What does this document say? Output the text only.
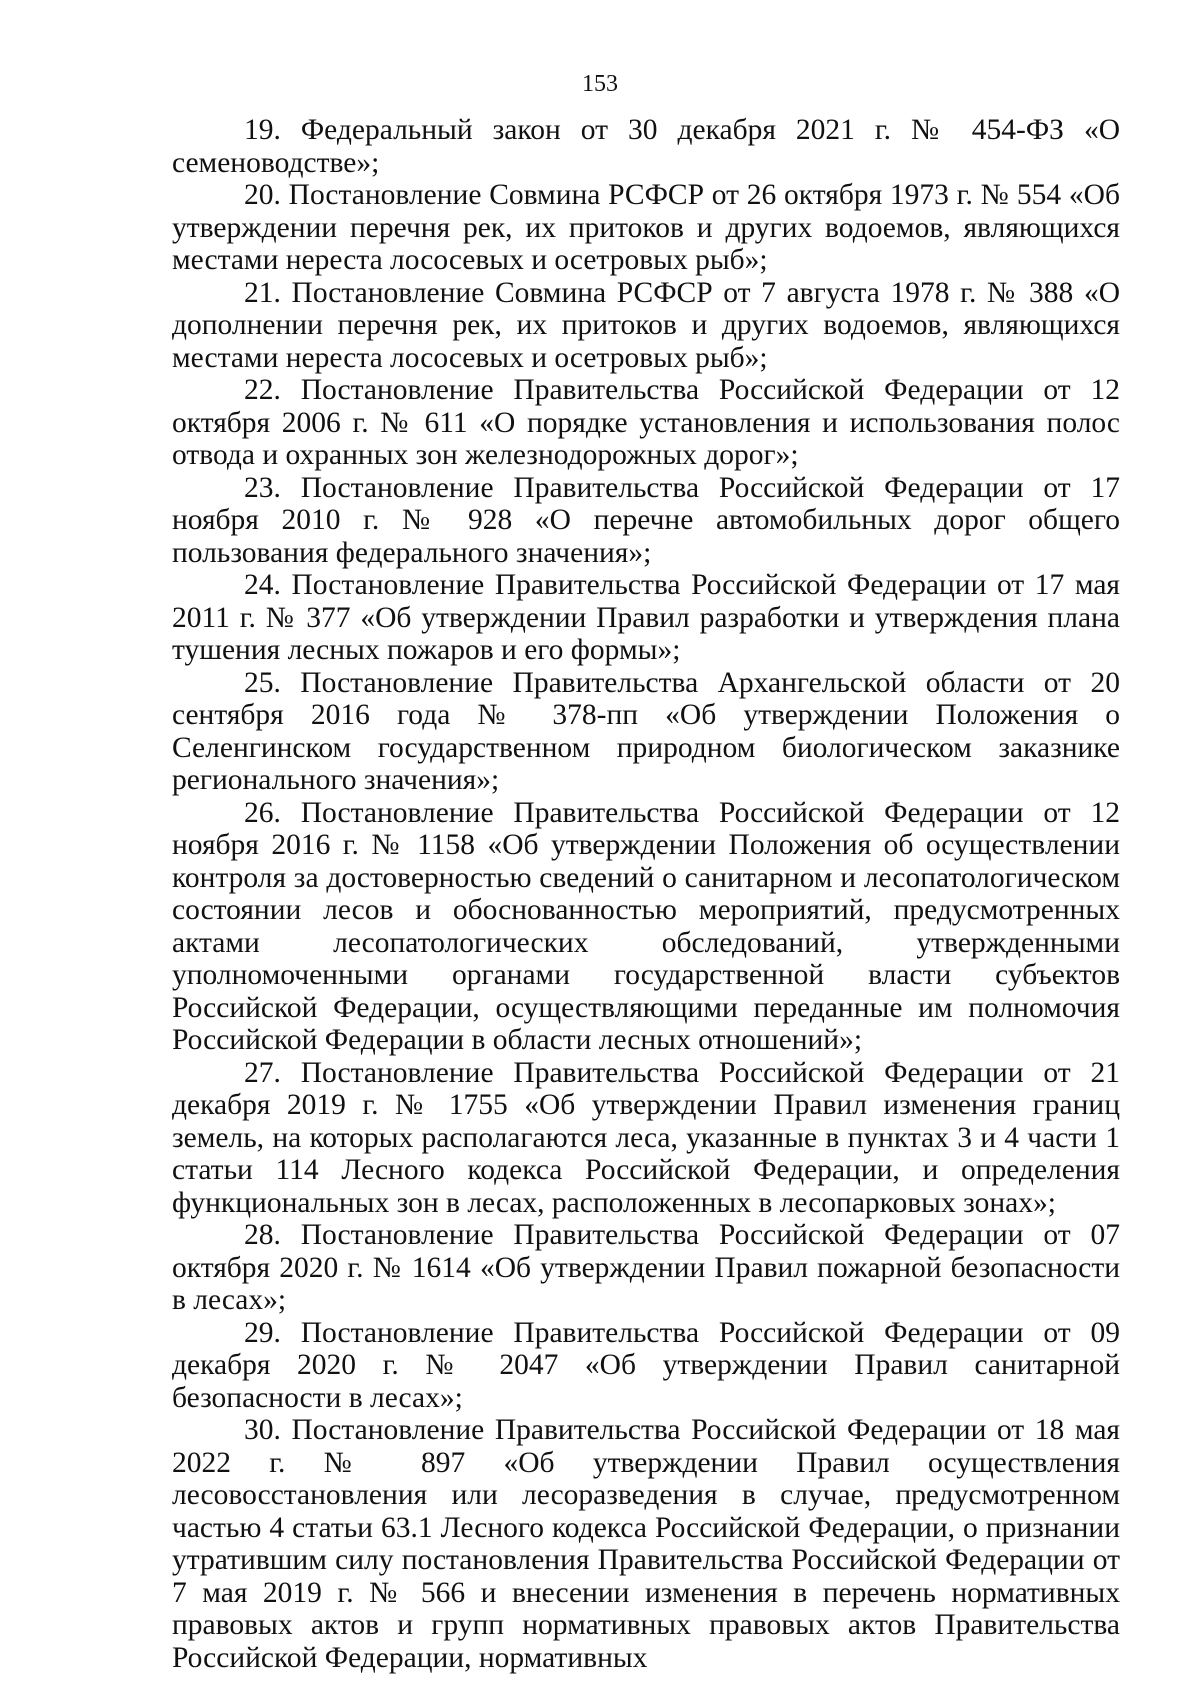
153

19. Федеральный закон от 30 декабря 2021 г. № 454-ФЗ «О семеноводстве»;

20. Постановление Совмина РСФСР от 26 октября 1973 г. № 554 «Об утверждении перечня рек, их притоков и других водоемов, являющихся местами нереста лососевых и осетровых рыб»;

21. Постановление Совмина РСФСР от 7 августа 1978 г. № 388 «О дополнении перечня рек, их притоков и других водоемов, являющихся местами нереста лососевых и осетровых рыб»;

22. Постановление Правительства Российской Федерации от 12 октября 2006 г. № 611 «О порядке установления и использования полос отвода и охранных зон железнодорожных дорог»;

23. Постановление Правительства Российской Федерации от 17 ноября 2010 г. № 928 «О перечне автомобильных дорог общего пользования федерального значения»;

24. Постановление Правительства Российской Федерации от 17 мая 2011 г. № 377 «Об утверждении Правил разработки и утверждения плана тушения лесных пожаров и его формы»;

25. Постановление Правительства Архангельской области от 20 сентября 2016 года № 378-пп «Об утверждении Положения о Селенгинском государственном природном биологическом заказнике регионального значения»;

26. Постановление Правительства Российской Федерации от 12 ноября 2016 г. № 1158 «Об утверждении Положения об осуществлении контроля за достоверностью сведений о санитарном и лесопатологическом состоянии лесов и обоснованностью мероприятий, предусмотренных актами лесопатологических обследований, утвержденными уполномоченными органами государственной власти субъектов Российской Федерации, осуществляющими переданные им полномочия Российской Федерации в области лесных отношений»;

27. Постановление Правительства Российской Федерации от 21 декабря 2019 г. № 1755 «Об утверждении Правил изменения границ земель, на которых располагаются леса, указанные в пунктах 3 и 4 части 1 статьи 114 Лесного кодекса Российской Федерации, и определения функциональных зон в лесах, расположенных в лесопарковых зонах»;

28. Постановление Правительства Российской Федерации от 07 октября 2020 г. № 1614 «Об утверждении Правил пожарной безопасности в лесах»;

29. Постановление Правительства Российской Федерации от 09 декабря 2020 г. № 2047 «Об утверждении Правил санитарной безопасности в лесах»;

30. Постановление Правительства Российской Федерации от 18 мая 2022 г. № 897 «Об утверждении Правил осуществления лесовосстановления или лесоразведения в случае, предусмотренном частью 4 статьи 63.1 Лесного кодекса Российской Федерации, о признании утратившим силу постановления Правительства Российской Федерации от 7 мая 2019 г. № 566 и внесении изменения в перечень нормативных правовых актов и групп нормативных правовых актов Правительства Российской Федерации, нормативных
